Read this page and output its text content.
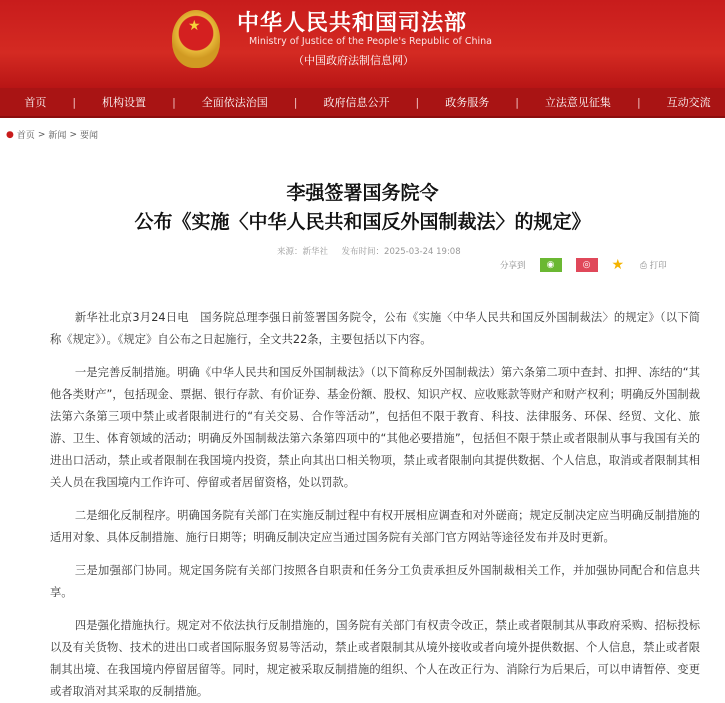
★ 中华人民共和国司法部
Ministry of Justice of the People's Republic of China
（中国政府法制信息网）
首页 | 机构设置 | 全面依法治国 | 政府信息公开 | 政务服务 | 立法意见征集 | 互动交流
● 首页 > 新闻 > 要闻
李强签署国务院令
公布《实施〈中华人民共和国反外国制裁法〉的规定》
来源：新华社 发布时间：2025-03-24 19:08
分享到	◉	◎	★ ⎙ 打印

新华社北京3月24日电　国务院总理李强日前签署国务院令，公布《实施〈中华人民共和国反外国制裁法〉的规定》（以下简称《规定》）。《规定》自公布之日起施行，全文共22条，主要包括以下内容。

一是完善反制措施。明确《中华人民共和国反外国制裁法》（以下简称反外国制裁法）第六条第二项中查封、扣押、冻结的“其他各类财产”，包括现金、票据、银行存款、有价证券、基金份额、股权、知识产权、应收账款等财产和财产权利；明确反外国制裁法第六条第三项中禁止或者限制进行的“有关交易、合作等活动”，包括但不限于教育、科技、法律服务、环保、经贸、文化、旅游、卫生、体育领域的活动；明确反外国制裁法第六条第四项中的“其他必要措施”，包括但不限于禁止或者限制从事与我国有关的进出口活动，禁止或者限制在我国境内投资，禁止向其出口相关物项，禁止或者限制向其提供数据、个人信息，取消或者限制其相关人员在我国境内工作许可、停留或者居留资格，处以罚款。

二是细化反制程序。明确国务院有关部门在实施反制过程中有权开展相应调查和对外磋商；规定反制决定应当明确反制措施的适用对象、具体反制措施、施行日期等；明确反制决定应当通过国务院有关部门官方网站等途径发布并及时更新。

三是加强部门协同。规定国务院有关部门按照各自职责和任务分工负责承担反外国制裁相关工作，并加强协同配合和信息共享。

四是强化措施执行。规定对不依法执行反制措施的，国务院有关部门有权责令改正，禁止或者限制其从事政府采购、招标投标以及有关货物、技术的进出口或者国际服务贸易等活动，禁止或者限制其从境外接收或者向境外提供数据、个人信息，禁止或者限制其出境、在我国境内停留居留等。同时，规定被采取反制措施的组织、个人在改正行为、消除行为后果后，可以申请暂停、变更或者取消对其采取的反制措施。
